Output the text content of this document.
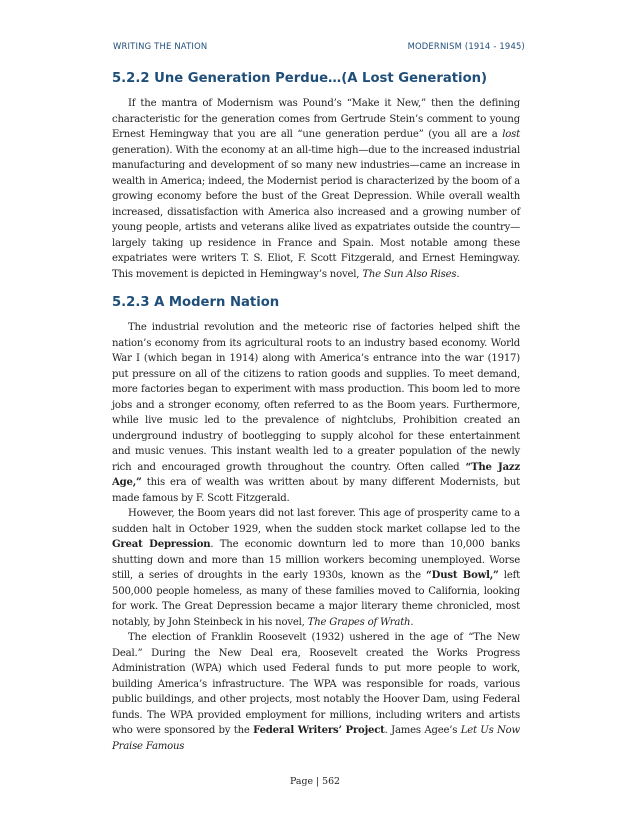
WRITING THE NATION	MODERNISM (1914 - 1945)
5.2.2 Une Generation Perdue…(A Lost Generation)

If the mantra of Modernism was Pound’s “Make it New,” then the defining characteristic for the generation comes from Gertrude Stein’s comment to young Ernest Hemingway that you are all “une generation perdue” (you all are a lost generation). With the economy at an all-time high—due to the increased industrial manufacturing and development of so many new industries—came an increase in wealth in America; indeed, the Modernist period is characterized by the boom of a growing economy before the bust of the Great Depression. While overall wealth increased, dissatisfaction with America also increased and a growing number of young people, artists and veterans alike lived as expatriates outside the country—largely taking up residence in France and Spain. Most notable among these expatriates were writers T. S. Eliot, F. Scott Fitzgerald, and Ernest Hemingway. This movement is depicted in Hemingway’s novel, The Sun Also Rises.

5.2.3 A Modern Nation

The industrial revolution and the meteoric rise of factories helped shift the nation’s economy from its agricultural roots to an industry based economy. World War I (which began in 1914) along with America’s entrance into the war (1917) put pressure on all of the citizens to ration goods and supplies. To meet demand, more factories began to experiment with mass production. This boom led to more jobs and a stronger economy, often referred to as the Boom years. Furthermore, while live music led to the prevalence of nightclubs, Prohibition created an underground industry of bootlegging to supply alcohol for these entertainment and music venues. This instant wealth led to a greater population of the newly rich and encouraged growth throughout the country. Often called “The Jazz Age,” this era of wealth was written about by many different Modernists, but made famous by F. Scott Fitzgerald.

However, the Boom years did not last forever. This age of prosperity came to a sudden halt in October 1929, when the sudden stock market collapse led to the Great Depression. The economic downturn led to more than 10,000 banks shutting down and more than 15 million workers becoming unemployed. Worse still, a series of droughts in the early 1930s, known as the “Dust Bowl,” left 500,000 people homeless, as many of these families moved to California, looking for work. The Great Depression became a major literary theme chronicled, most notably, by John Steinbeck in his novel, The Grapes of Wrath.

The election of Franklin Roosevelt (1932) ushered in the age of “The New Deal.” During the New Deal era, Roosevelt created the Works Progress Administration (WPA) which used Federal funds to put more people to work, building America’s infrastructure. The WPA was responsible for roads, various public buildings, and other projects, most notably the Hoover Dam, using Federal funds. The WPA provided employment for millions, including writers and artists who were sponsored by the Federal Writers’ Project. James Agee’s Let Us Now Praise Famous

Page | 562
